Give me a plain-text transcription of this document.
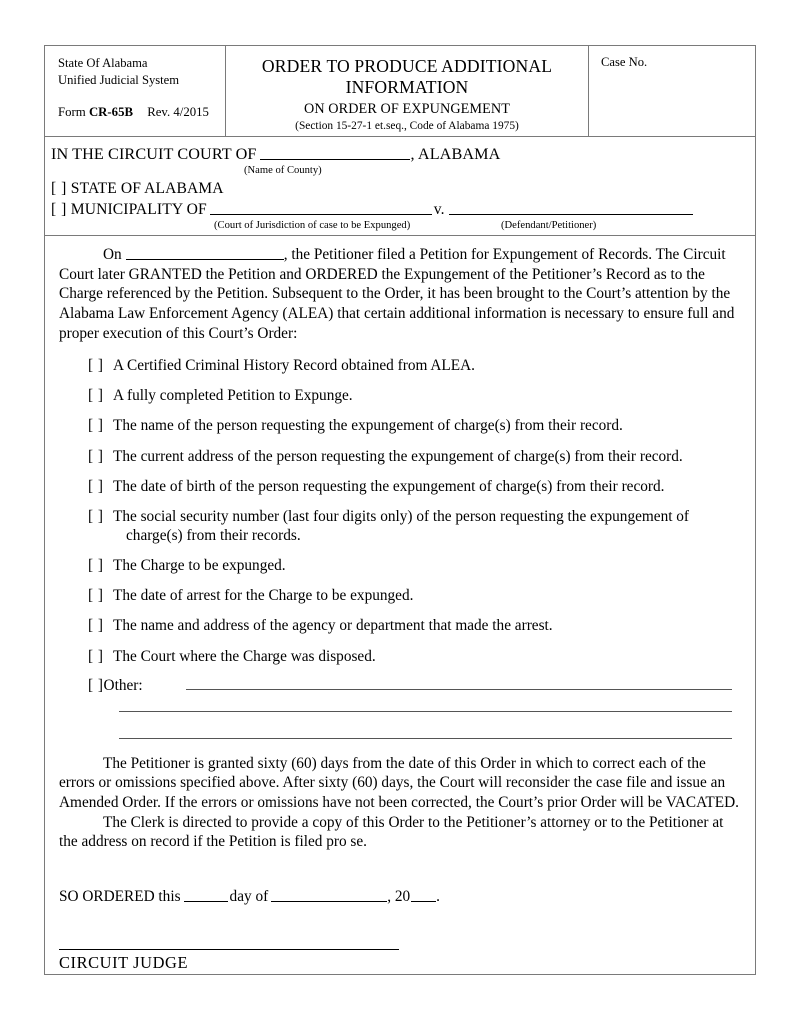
State Of Alabama
Unified Judicial System
Form CR-65B Rev. 4/2015
ORDER TO PRODUCE ADDITIONAL
INFORMATION
ON ORDER OF EXPUNGEMENT
(Section 15-27-1 et.seq., Code of Alabama 1975)
Case No.
IN THE CIRCUIT COURT OF	, ALABAMA
(Name of County)
[ ] STATE OF ALABAMA
[ ] MUNICIPALITY OF	v.
(Court of Jurisdiction of case to be Expunged)	(Defendant/Petitioner)
On	, the Petitioner filed a Petition for Expungement of Records. The Circuit Court later GRANTED the Petition and ORDERED the Expungement of the Petitioner’s Record as to the Charge referenced by the Petition. Subsequent to the Order, it has been brought to the Court’s attention by the Alabama Law Enforcement Agency (ALEA) that certain additional information is necessary to ensure full and proper execution of this Court’s Order:
[ ] A Certified Criminal History Record obtained from ALEA.
[ ] A fully completed Petition to Expunge.
[ ] The name of the person requesting the expungement of charge(s) from their record.
[ ] The current address of the person requesting the expungement of charge(s) from their record.
[ ] The date of birth of the person requesting the expungement of charge(s) from their record.
[ ] The social security number (last four digits only) of the person requesting the expungement of
charge(s) from their records.
[ ] The Charge to be expunged.
[ ] The date of arrest for the Charge to be expunged.
[ ] The name and address of the agency or department that made the arrest.
[ ] The Court where the Charge was disposed.
[ ]Other:
The Petitioner is granted sixty (60) days from the date of this Order in which to correct each of the errors or omissions specified above. After sixty (60) days, the Court will reconsider the case file and issue an Amended Order. If the errors or omissions have not been corrected, the Court’s prior Order will be VACATED.
The Clerk is directed to provide a copy of this Order to the Petitioner’s attorney or to the Petitioner at the address on record if the Petition is filed pro se.
SO ORDERED this	day of	, 20 .
CIRCUIT JUDGE
